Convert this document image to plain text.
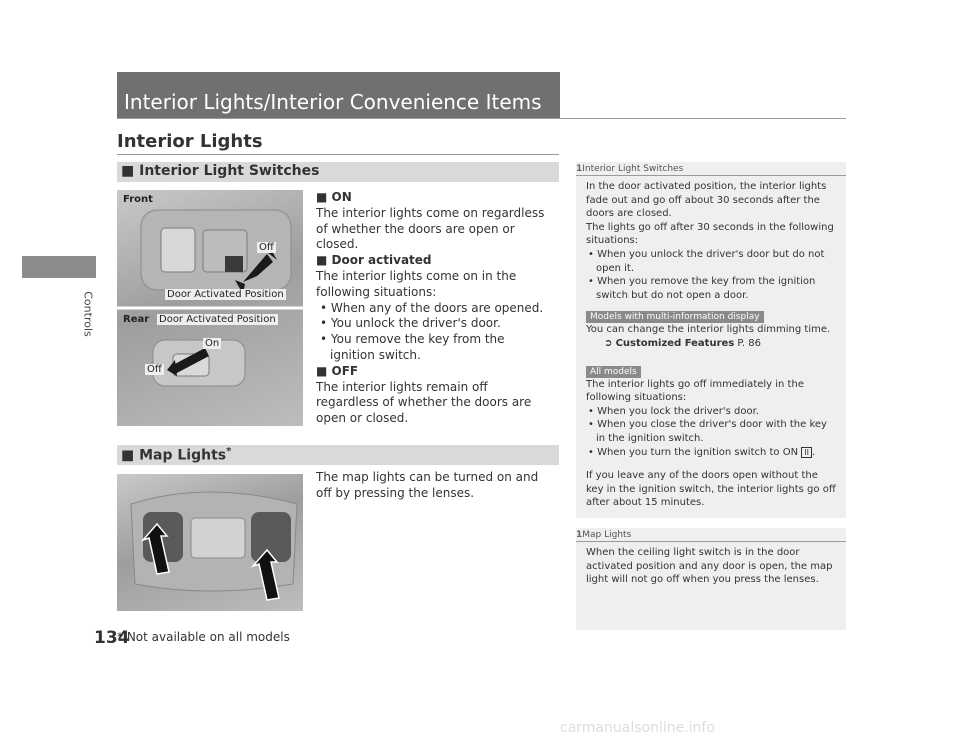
Controls
Interior Lights/Interior Convenience Items
Interior Lights
■ Interior Light Switches
Front
Off
Door Activated Position
Rear Door Activated Position
On
Off
■ ON
The interior lights come on regardless of whether the doors are open or closed.
■ Door activated
The interior lights come on in the following situations:
• When any of the doors are opened.
• You unlock the driver's door.
• You remove the key from the ignition switch.
■ OFF
The interior lights remain off regardless of whether the doors are open or closed.
■ Map Lights*
The map lights can be turned on and off by pressing the lenses.
1Interior Light Switches
In the door activated position, the interior lights fade out and go off about 30 seconds after the doors are closed.
The lights go off after 30 seconds in the following situations:
• When you unlock the driver's door but do not open it.
• When you remove the key from the ignition switch but do not open a door.
Models with multi-information display
You can change the interior lights dimming time.
➲ Customized Features P. 86
All models
The interior lights go off immediately in the following situations:
• When you lock the driver's door.
• When you close the driver's door with the key in the ignition switch.
• When you turn the ignition switch to ON II .
If you leave any of the doors open without the key in the ignition switch, the interior lights go off after about 15 minutes.
1Map Lights
When the ceiling light switch is in the door activated position and any door is open, the map light will not go off when you press the lenses.
134
* Not available on all models
carmanualsonline.info
